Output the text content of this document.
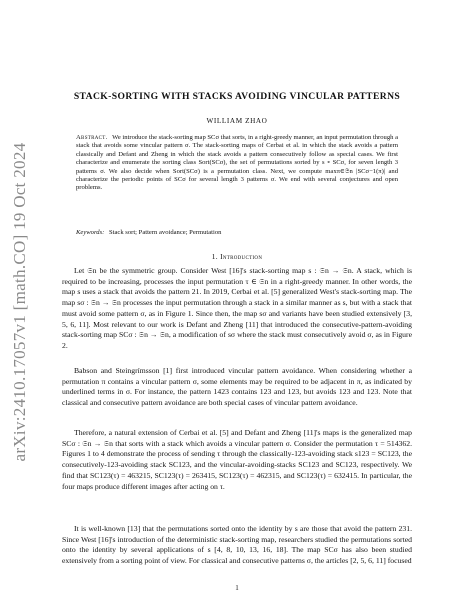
arXiv:2410.17057v1 [math.CO] 19 Oct 2024
STACK-SORTING WITH STACKS AVOIDING VINCULAR PATTERNS
WILLIAM ZHAO
Abstract. We introduce the stack-sorting map SCσ that sorts, in a right-greedy manner, an input permutation through a stack that avoids some vincular pattern σ. The stack-sorting maps of Cerbai et al. in which the stack avoids a pattern classically and Defant and Zheng in which the stack avoids a pattern consecutively follow as special cases. We first characterize and enumerate the sorting class Sort(SCσ), the set of permutations sorted by s ∘ SCσ, for seven length 3 patterns σ. We also decide when Sort(SCσ) is a permutation class. Next, we compute maxπ∈𝔖n |SCσ−1(π)| and characterize the periodic points of SCσ for several length 3 patterns σ. We end with several conjectures and open problems.
Keywords: Stack sort; Pattern avoidance; Permutation
1. Introduction

Let 𝔖n be the symmetric group. Consider West [16]'s stack-sorting map s : 𝔖n → 𝔖n. A stack, which is required to be increasing, processes the input permutation τ ∈ 𝔖n in a right-greedy manner. In other words, the map s uses a stack that avoids the pattern 21. In 2019, Cerbai et al. [5] generalized West's stack-sorting map. The map sσ : 𝔖n → 𝔖n processes the input permutation through a stack in a similar manner as s, but with a stack that must avoid some pattern σ, as in Figure 1. Since then, the map sσ and variants have been studied extensively [3, 5, 6, 11]. Most relevant to our work is Defant and Zheng [11] that introduced the consecutive-pattern-avoiding stack-sorting map SCσ : 𝔖n → 𝔖n, a modification of sσ where the stack must consecutively avoid σ, as in Figure 2.

Babson and Steingrímsson [1] first introduced vincular pattern avoidance. When considering whether a permutation π contains a vincular pattern σ, some elements may be required to be adjacent in π, as indicated by underlined terms in σ. For instance, the pattern 1423 contains 123 and 123, but avoids 123 and 123. Note that classical and consecutive pattern avoidance are both special cases of vincular pattern avoidance.

Therefore, a natural extension of Cerbai et al. [5] and Defant and Zheng [11]'s maps is the generalized map SCσ : 𝔖n → 𝔖n that sorts with a stack which avoids a vincular pattern σ. Consider the permutation τ = 514362. Figures 1 to 4 demonstrate the process of sending τ through the classically-123-avoiding stack s123 = SC123, the consecutively-123-avoiding stack SC123, and the vincular-avoiding-stacks SC123 and SC123, respectively. We find that SC123(τ) = 463215, SC123(τ) = 263415, SC123(τ) = 462315, and SC123(τ) = 632415. In particular, the four maps produce different images after acting on τ.

It is well-known [13] that the permutations sorted onto the identity by s are those that avoid the pattern 231. Since West [16]'s introduction of the deterministic stack-sorting map, researchers studied the permutations sorted onto the identity by several applications of s [4, 8, 10, 13, 16, 18]. The map SCσ has also been studied extensively from a sorting point of view. For classical and consecutive patterns σ, the articles [2, 5, 6, 11] focused

1
